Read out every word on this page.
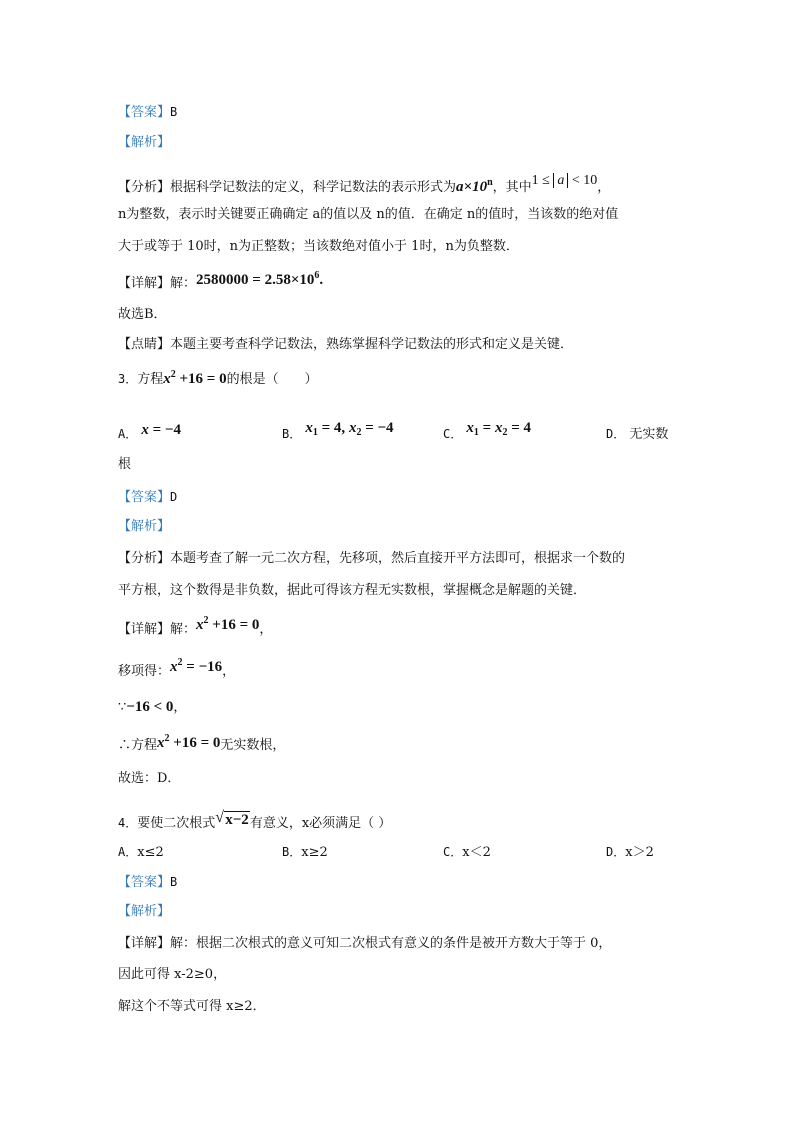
【答案】B
【解析】
【分析】根据科学记数法的定义，科学记数法的表示形式为$a\times 10^n$，其中1 ≤ a < 10，
n为整数，表示时关键要正确确定 a的值以及 n的值．在确定 n的值时，当该数的绝对值
大于或等于 10时，n为正整数；当该数绝对值小于 1时，n为负整数．
【详解】解：$2580000 = 2.58\times 10^6$.
故选B．
【点睛】本题主要考查科学记数法，熟练掌握科学记数法的形式和定义是关键．
3．方程$x^2 +16 = 0$的根是（　　）
A． x = −4	B． $x_1 = 4$, $x_2 = -4$	C． $x_1 = x_2 = 4$	D． 无实数
根
【答案】D
【解析】
【分析】本题考查了解一元二次方程，先移项，然后直接开平方法即可，根据求一个数的
平方根，这个数得是非负数，据此可得该方程无实数根，掌握概念是解题的关键．
【详解】解：$x^2 +16 = 0$，
移项得：$x^2 = -16$，
∵−16 < 0，
∴方程$x^2 +16 = 0$无实数根，
故选：D．
4．要使二次根式 √ x−2有意义，x必须满足（ ）
A．x≤2	B．x≥2	C．x＜2	D．x＞2
【答案】B
【解析】
【详解】解：根据二次根式的意义可知二次根式有意义的条件是被开方数大于等于 0，
因此可得 x-2≥0，
解这个不等式可得 x≥2．
